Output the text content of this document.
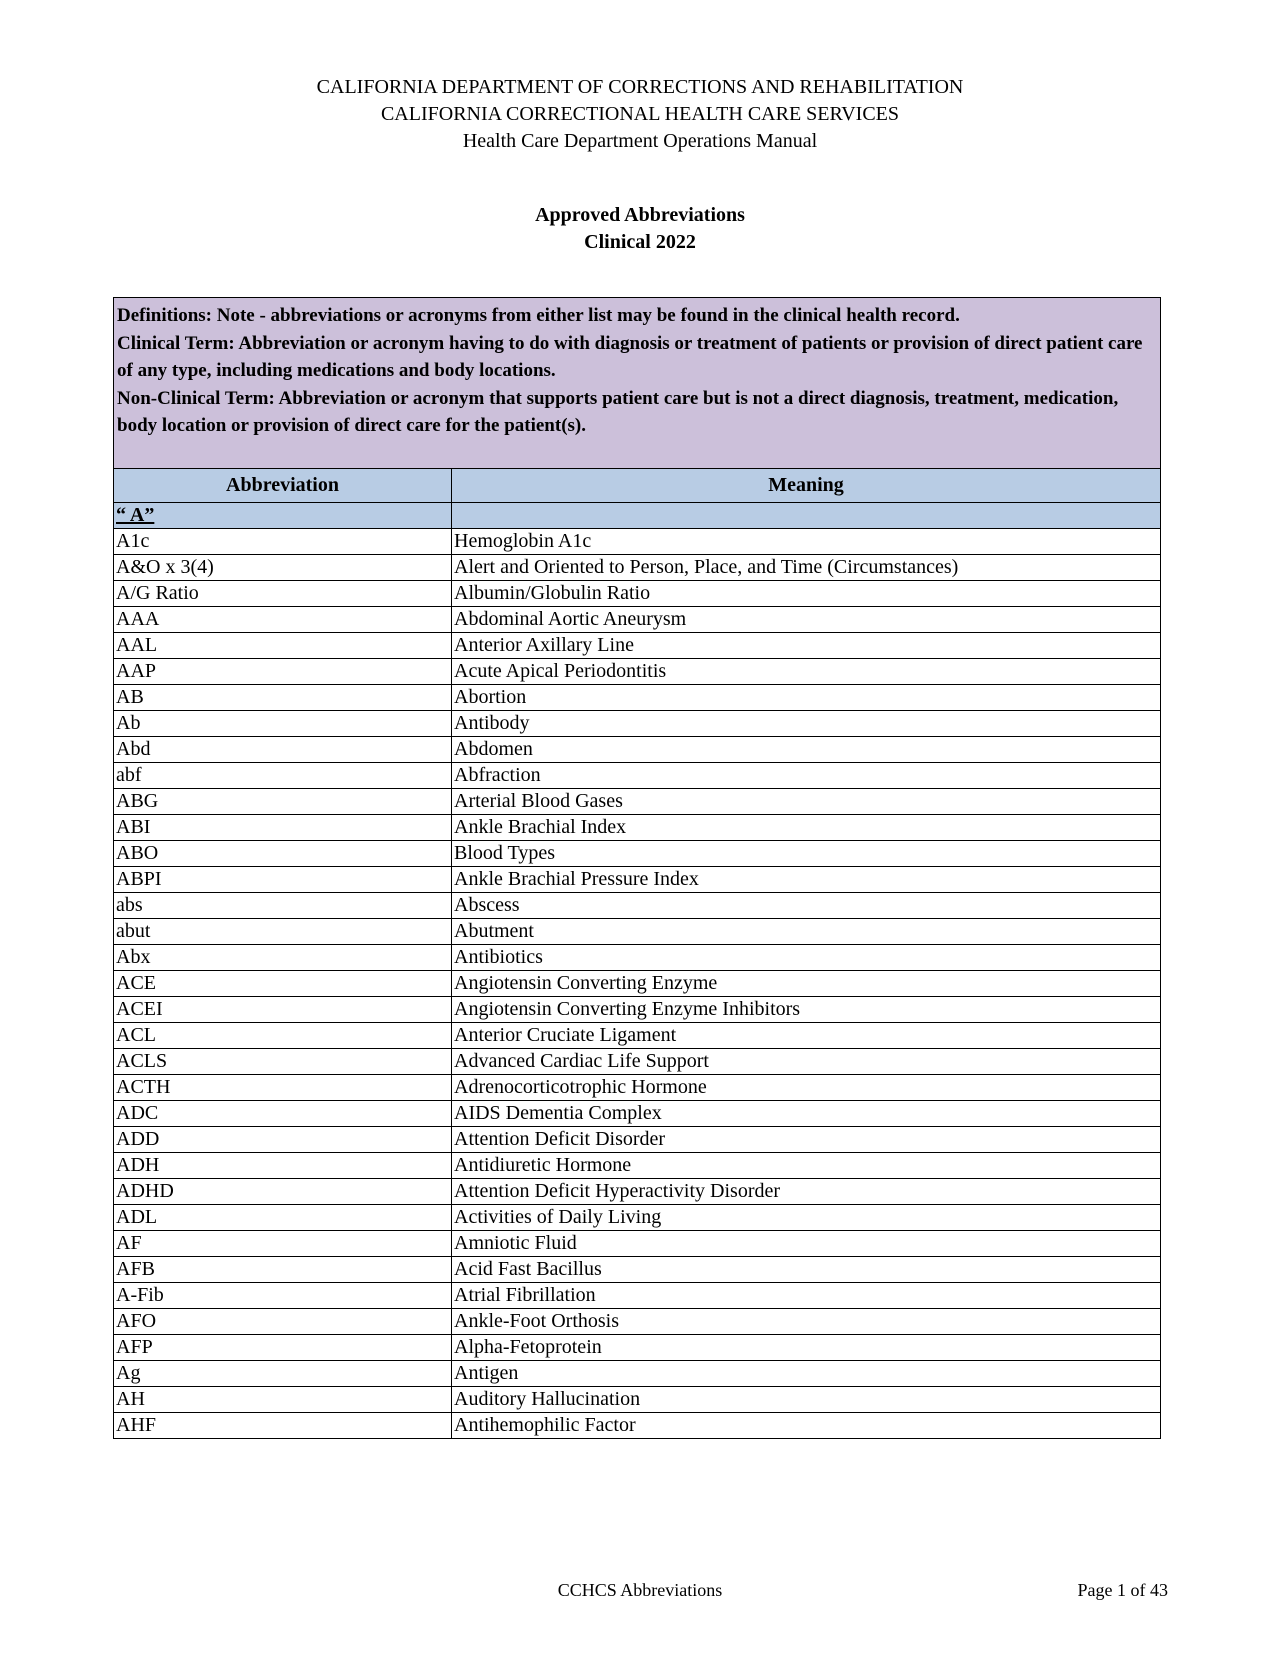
CALIFORNIA DEPARTMENT OF CORRECTIONS AND REHABILITATION
CALIFORNIA CORRECTIONAL HEALTH CARE SERVICES
Health Care Department Operations Manual
Approved Abbreviations
Clinical 2022
Definitions: Note - abbreviations or acronyms from either list may be found in the clinical health record.
Clinical Term: Abbreviation or acronym having to do with diagnosis or treatment of patients or provision of direct patient care of any type, including medications and body locations.
Non-Clinical Term: Abbreviation or acronym that supports patient care but is not a direct diagnosis, treatment, medication, body location or provision of direct care for the patient(s).	

Abbreviation	Meaning
“ A”	
A1c	Hemoglobin A1c
A&O x 3(4)	Alert and Oriented to Person, Place, and Time (Circumstances)
A/G Ratio	Albumin/Globulin Ratio
AAA	Abdominal Aortic Aneurysm
AAL	Anterior Axillary Line
AAP	Acute Apical Periodontitis
AB	Abortion
Ab	Antibody
Abd	Abdomen
abf	Abfraction
ABG	Arterial Blood Gases
ABI	Ankle Brachial Index
ABO	Blood Types
ABPI	Ankle Brachial Pressure Index
abs	Abscess
abut	Abutment
Abx	Antibiotics
ACE	Angiotensin Converting Enzyme
ACEI	Angiotensin Converting Enzyme Inhibitors
ACL	Anterior Cruciate Ligament
ACLS	Advanced Cardiac Life Support
ACTH	Adrenocorticotrophic Hormone
ADC	AIDS Dementia Complex
ADD	Attention Deficit Disorder
ADH	Antidiuretic Hormone
ADHD	Attention Deficit Hyperactivity Disorder
ADL	Activities of Daily Living
AF	Amniotic Fluid
AFB	Acid Fast Bacillus
A-Fib	Atrial Fibrillation
AFO	Ankle-Foot Orthosis
AFP	Alpha-Fetoprotein
Ag	Antigen
AH	Auditory Hallucination
AHF	Antihemophilic Factor
CCHCS Abbreviations	Page 1 of 43
